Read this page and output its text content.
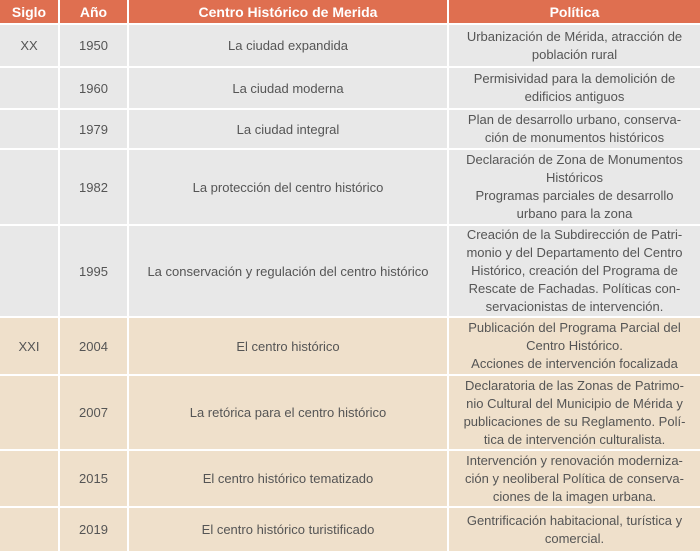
Siglo	Año	Centro Histórico de Merida	Política
XX	1950	La ciudad expandida	Urbanización de Mérida, atracción de
población rural
	1960	La ciudad moderna	Permisividad para la demolición de
edificios antiguos
	1979	La ciudad integral	Plan de desarrollo urbano, conserva-
ción de monumentos históricos
	1982	La protección del centro histórico	Declaración de Zona de Monumentos
Históricos
Programas parciales de desarrollo
urbano para la zona
	1995	La conservación y regulación del centro histórico	Creación de la Subdirección de Patri-
monio y del Departamento del Centro
Histórico, creación del Programa de
Rescate de Fachadas. Políticas con-
servacionistas de intervención.
XXI	2004	El centro histórico	Publicación del Programa Parcial del
Centro Histórico.
Acciones de intervención focalizada
	2007	La retórica para el centro histórico	Declaratoria de las Zonas de Patrimo-
nio Cultural del Municipio de Mérida y
publicaciones de su Reglamento. Polí-
tica de intervención culturalista.
	2015	El centro histórico tematizado	Intervención y renovación moderniza-
ción y neoliberal Política de conserva-
ciones de la imagen urbana.
	2019	El centro histórico turistificado	Gentrificación habitacional, turística y
comercial.
